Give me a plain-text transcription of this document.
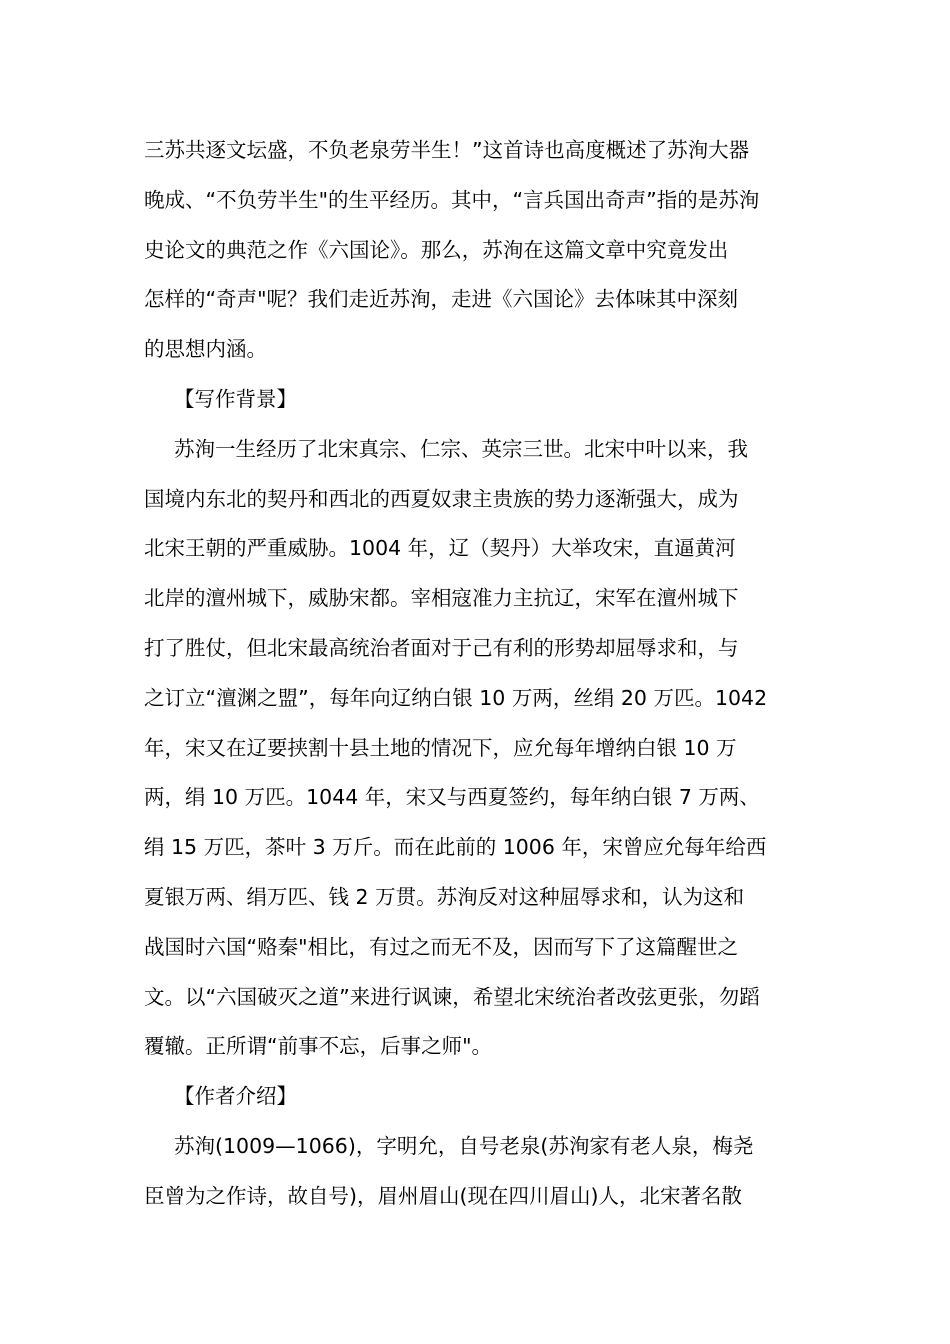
三苏共逐文坛盛，不负老泉劳半生！”这首诗也高度概述了苏洵大器
晚成、“不负劳半生"的生平经历。其中，“言兵国出奇声”指的是苏洵
史论文的典范之作《六国论》。那么，苏洵在这篇文章中究竟发出
怎样的“奇声"呢？我们走近苏洵，走进《六国论》去体味其中深刻
的思想内涵。
【写作背景】
苏洵一生经历了北宋真宗、仁宗、英宗三世。北宋中叶以来，我
国境内东北的契丹和西北的西夏奴隶主贵族的势力逐渐强大，成为
北宋王朝的严重威胁。1004 年，辽（契丹）大举攻宋，直逼黄河
北岸的澶州城下，威胁宋都。宰相寇准力主抗辽，宋军在澶州城下
打了胜仗，但北宋最高统治者面对于己有利的形势却屈辱求和，与
之订立“澶渊之盟”，每年向辽纳白银 10 万两，丝绢 20 万匹。1042
年，宋又在辽要挟割十县土地的情况下，应允每年增纳白银 10 万
两，绢 10 万匹。1044 年，宋又与西夏签约，每年纳白银 7 万两、
绢 15 万匹，茶叶 3 万斤。而在此前的 1006 年，宋曾应允每年给西
夏银万两、绢万匹、钱 2 万贯。苏洵反对这种屈辱求和，认为这和
战国时六国“赂秦"相比，有过之而无不及，因而写下了这篇醒世之
文。以“六国破灭之道”来进行讽谏，希望北宋统治者改弦更张，勿蹈
覆辙。正所谓“前事不忘，后事之师"。
【作者介绍】
苏洵(1009—1066)，字明允，自号老泉(苏洵家有老人泉，梅尧
臣曾为之作诗，故自号)，眉州眉山(现在四川眉山)人，北宋著名散
